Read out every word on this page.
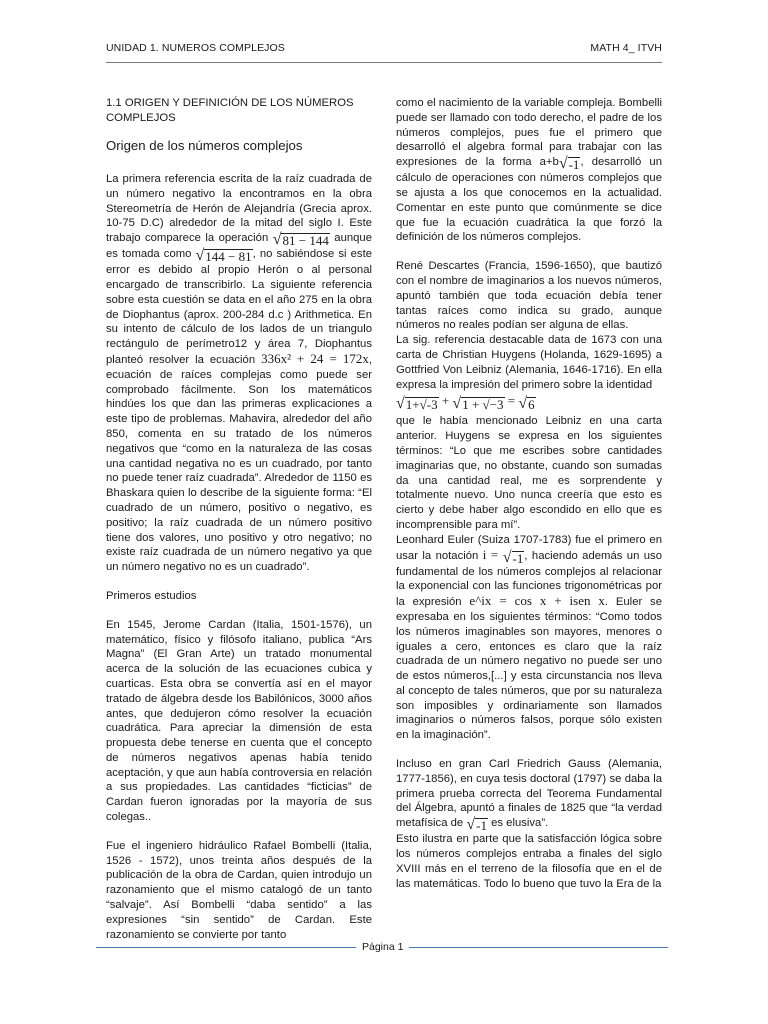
UNIDAD 1. NUMEROS COMPLEJOS	MATH 4_ ITVH
1.1 ORIGEN Y DEFINICIÓN DE LOS NÚMEROS COMPLEJOS
Origen de los números complejos

La primera referencia escrita de la raíz cuadrada de un número negativo la encontramos en la obra Stereometría de Herón de Alejandría (Grecia aprox. 10-75 D.C) alrededor de la mitad del siglo I. Este trabajo comparece la operación √ 81 − 144 aunque es tomada como √ 144 − 81 , no sabiéndose si este error es debido al propio Herón o al personal encargado de transcribirlo. La siguiente referencia sobre esta cuestión se data en el año 275 en la obra de Diophantus (aprox. 200-284 d.c ) Arithmetica. En su intento de cálculo de los lados de un triangulo rectángulo de perímetro12 y área 7, Diophantus planteó resolver la ecuación 336x² + 24 = 172x, ecuación de raíces complejas como puede ser comprobado fácilmente. Son los matemáticos hindúes los que dan las primeras explicaciones a este tipo de problemas. Mahavira, alrededor del año 850, comenta en su tratado de los números negativos que “como en la naturaleza de las cosas una cantidad negativa no es un cuadrado, por tanto no puede tener raíz cuadrada”. Alrededor de 1150 es Bhaskara quien lo describe de la siguiente forma: “El cuadrado de un número, positivo o negativo, es positivo; la raíz cuadrada de un número positivo tiene dos valores, uno positivo y otro negativo; no existe raíz cuadrada de un número negativo ya que un número negativo no es un cuadrado”.

Primeros estudios

En 1545, Jerome Cardan (Italia, 1501-1576), un matemático, físico y filósofo italiano, publica “Ars Magna” (El Gran Arte) un tratado monumental acerca de la solución de las ecuaciones cubica y cuarticas. Esta obra se convertía así en el mayor tratado de álgebra desde los Babilónicos, 3000 años antes, que dedujeron cómo resolver la ecuación cuadrática. Para apreciar la dimensión de esta propuesta debe tenerse en cuenta que el concepto de números negativos apenas había tenido aceptación, y que aun había controversia en relación a sus propiedades. Las cantidades “ficticias” de Cardan fueron ignoradas por la mayoría de sus colegas..

Fue el ingeniero hidráulico Rafael Bombelli (Italia, 1526 - 1572), unos treinta años después de la publicación de la obra de Cardan, quien introdujo un razonamiento que el mismo catalogó de un tanto “salvaje”. Así Bombelli “daba sentido” a las expresiones “sin sentido” de Cardan. Este razonamiento se convierte por tanto

como el nacimiento de la variable compleja. Bombelli puede ser llamado con todo derecho, el padre de los números complejos, pues fue el primero que desarrolló el algebra formal para trabajar con las expresiones de la forma a+b √ -1 , desarrolló un cálculo de operaciones con números complejos que se ajusta a los que conocemos en la actualidad. Comentar en este punto que comúnmente se dice que fue la ecuación cuadrática la que forzó la definición de los números complejos.

René Descartes (Francia, 1596-1650), que bautizó con el nombre de imaginarios a los nuevos números, apuntó también que toda ecuación debía tener tantas raíces como indica su grado, aunque números no reales podían ser alguna de ellas.

La sig. referencia destacable data de 1673 con una carta de Christian Huygens (Holanda, 1629-1695) a Gottfried Von Leibniz (Alemania, 1646-1716). En ella expresa la impresión del primero sobre la identidad

√ 1+√-3 + √ 1 + √−3 = √ 6

que le había mencionado Leibniz en una carta anterior. Huygens se expresa en los siguientes términos: “Lo que me escribes sobre cantidades imaginarias que, no obstante, cuando son sumadas da una cantidad real, me es sorprendente y totalmente nuevo. Uno nunca creería que esto es cierto y debe haber algo escondido en ello que es incomprensible para mí”.

Leonhard Euler (Suiza 1707-1783) fue el primero en usar la notación i = √ -1 , haciendo además un uso fundamental de los números complejos al relacionar la exponencial con las funciones trigonométricas por la expresión e^ix = cos x + isen x. Euler se expresaba en los siguientes términos: “Como todos los números imaginables son mayores, menores o iguales a cero, entonces es claro que la raíz cuadrada de un número negativo no puede ser uno de estos números,[...] y esta circunstancia nos lleva al concepto de tales números, que por su naturaleza son imposibles y ordinariamente son llamados imaginarios o números falsos, porque sólo existen en la imaginación”.

Incluso en gran Carl Friedrich Gauss (Alemania, 1777-1856), en cuya tesis doctoral (1797) se daba la primera prueba correcta del Teorema Fundamental del Álgebra, apuntó a finales de 1825 que “la verdad metafísica de √ -1 es elusiva”.

Esto ilustra en parte que la satisfacción lógica sobre los números complejos entraba a finales del siglo XVIII más en el terreno de la filosofía que en el de las matemáticas. Todo lo bueno que tuvo la Era de la

Página 1
